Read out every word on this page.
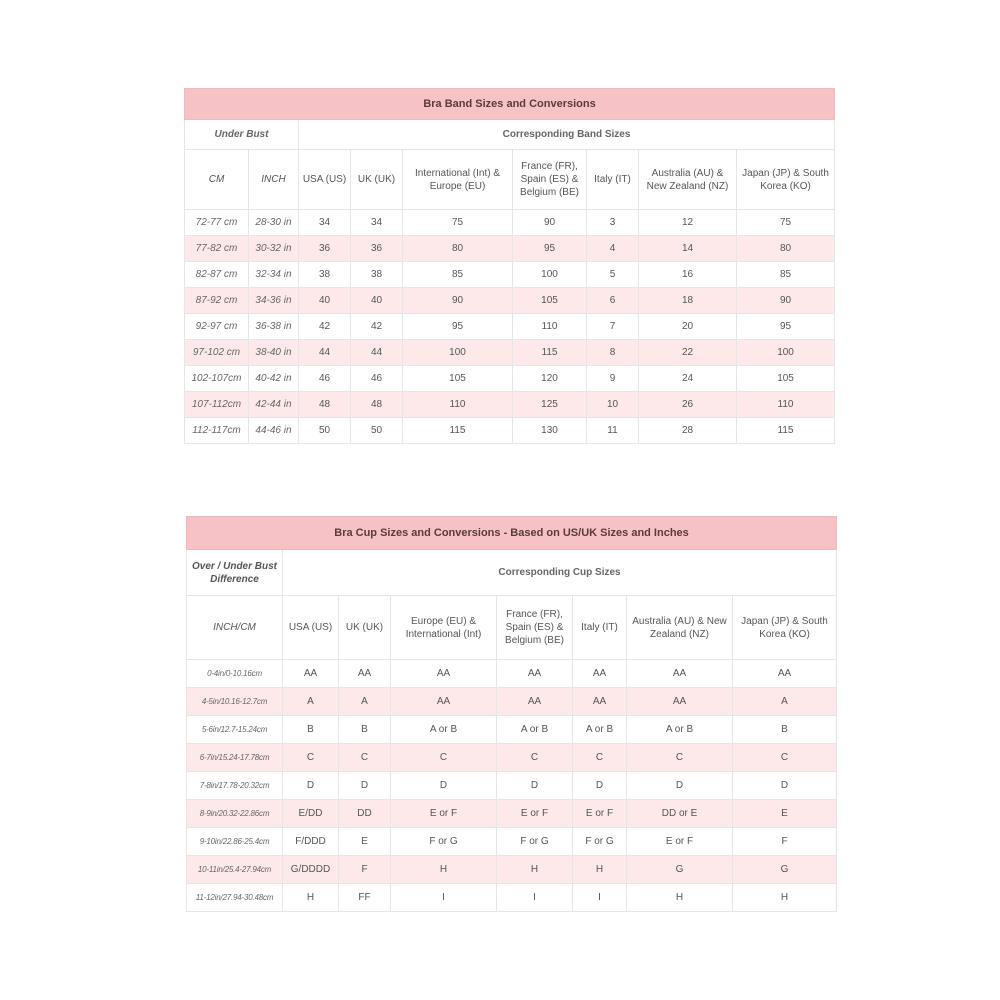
Bra Band Sizes and Conversions								
Under Bust		Corresponding Band Sizes						
CM	INCH	USA (US)	UK (UK)	International (Int) & Europe (EU)	France (FR), Spain (ES) & Belgium (BE)	Italy (IT)	Australia (AU) & New Zealand (NZ)	Japan (JP) & South Korea (KO)
72-77 cm	28-30 in	34	34	75	90	3	12	75
77-82 cm	30-32 in	36	36	80	95	4	14	80
82-87 cm	32-34 in	38	38	85	100	5	16	85
87-92 cm	34-36 in	40	40	90	105	6	18	90
92-97 cm	36-38 in	42	42	95	110	7	20	95
97-102 cm	38-40 in	44	44	100	115	8	22	100
102-107cm	40-42 in	46	46	105	120	9	24	105
107-112cm	42-44 in	48	48	110	125	10	26	110
112-117cm	44-46 in	50	50	115	130	11	28	115
Bra Cup Sizes and Conversions - Based on US/UK Sizes and Inches							
Over / Under Bust Difference	Corresponding Cup Sizes						
INCH/CM	USA (US)	UK (UK)	Europe (EU) & International (Int)	France (FR), Spain (ES) & Belgium (BE)	Italy (IT)	Australia (AU) & New Zealand (NZ)	Japan (JP) & South Korea (KO)
0-4in/0-10.16cm	AA	AA	AA	AA	AA	AA	AA
4-5in/10.16-12.7cm	A	A	AA	AA	AA	AA	A
5-6in/12.7-15.24cm	B	B	A or B	A or B	A or B	A or B	B
6-7in/15.24-17.78cm	C	C	C	C	C	C	C
7-8in/17.78-20.32cm	D	D	D	D	D	D	D
8-9in/20.32-22.86cm	E/DD	DD	E or F	E or F	E or F	DD or E	E
9-10in/22.86-25.4cm	F/DDD	E	F or G	F or G	F or G	E or F	F
10-11in/25.4-27.94cm	G/DDDD	F	H	H	H	G	G
11-12in/27.94-30.48cm	H	FF	I	I	I	H	H
